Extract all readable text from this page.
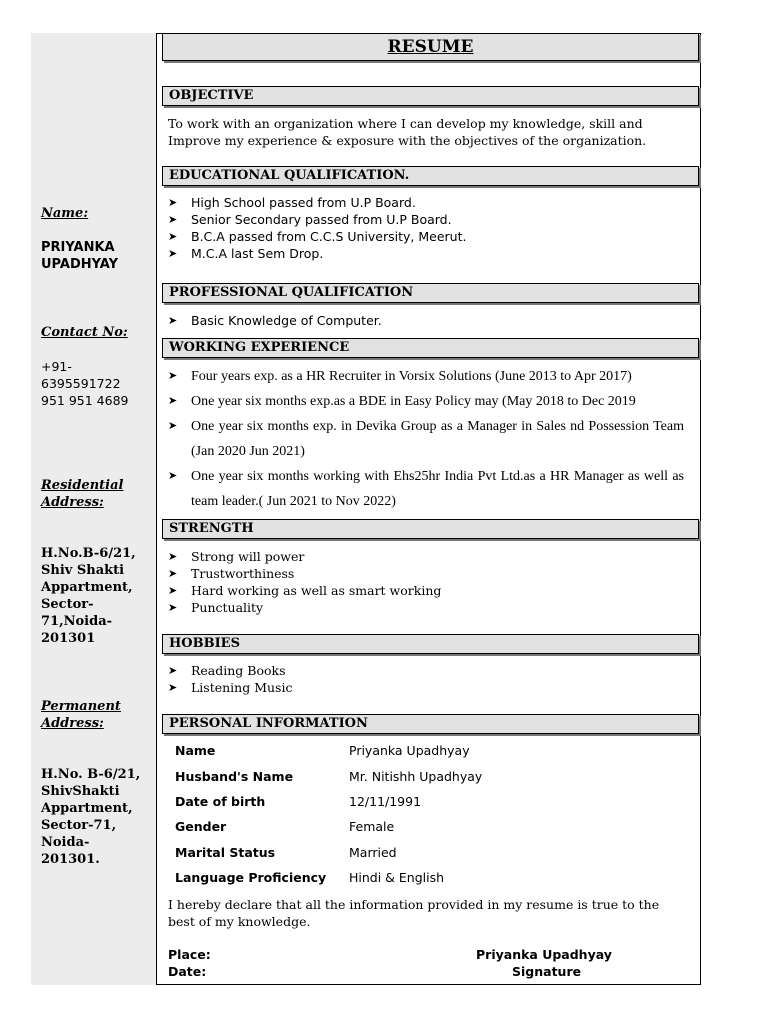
RESUME
Name:
PRIYANKA UPADHYAY
Contact No:
+91-
6395591722
951 951 4689
Residential Address:
H.No.B-6/21, Shiv Shakti Appartment, Sector-71,Noida-201301
Permanent Address:
H.No. B-6/21, ShivShakti Appartment, Sector-71, Noida-201301.
OBJECTIVE
To work with an organization where I can develop my knowledge, skill and
Improve my experience & exposure with the objectives of the organization.
EDUCATIONAL QUALIFICATION.
➤ High School passed from U.P Board.
➤ Senior Secondary passed from U.P Board.
➤ B.C.A passed from C.C.S University, Meerut.
➤ M.C.A last Sem Drop.
PROFESSIONAL QUALIFICATION
➤ Basic Knowledge of Computer.
WORKING EXPERIENCE
➤ Four years exp. as a HR Recruiter in Vorsix Solutions (June 2013 to Apr 2017)
➤ One year six months exp.as a BDE in Easy Policy may (May 2018 to Dec 2019
➤ One year six months exp. in Devika Group as a Manager in Sales nd Possession Team (Jan 2020 Jun 2021)
➤ One year six months working with Ehs25hr India Pvt Ltd.as a HR Manager as well as team leader.( Jun 2021 to Nov 2022)
STRENGTH
➤ Strong will power
➤ Trustworthiness
➤ Hard working as well as smart working
➤ Punctuality
HOBBIES
➤ Reading Books
➤ Listening Music
PERSONAL INFORMATION
Name	Priyanka Upadhyay
Husband's Name	Mr. Nitishh Upadhyay
Date of birth	12/11/1991
Gender	Female
Marital Status	Married
Language Proficiency Hindi & English
I hereby declare that all the information provided in my resume is true to the best of my knowledge.
Place:
Date:
Priyanka Upadhyay
Signature
